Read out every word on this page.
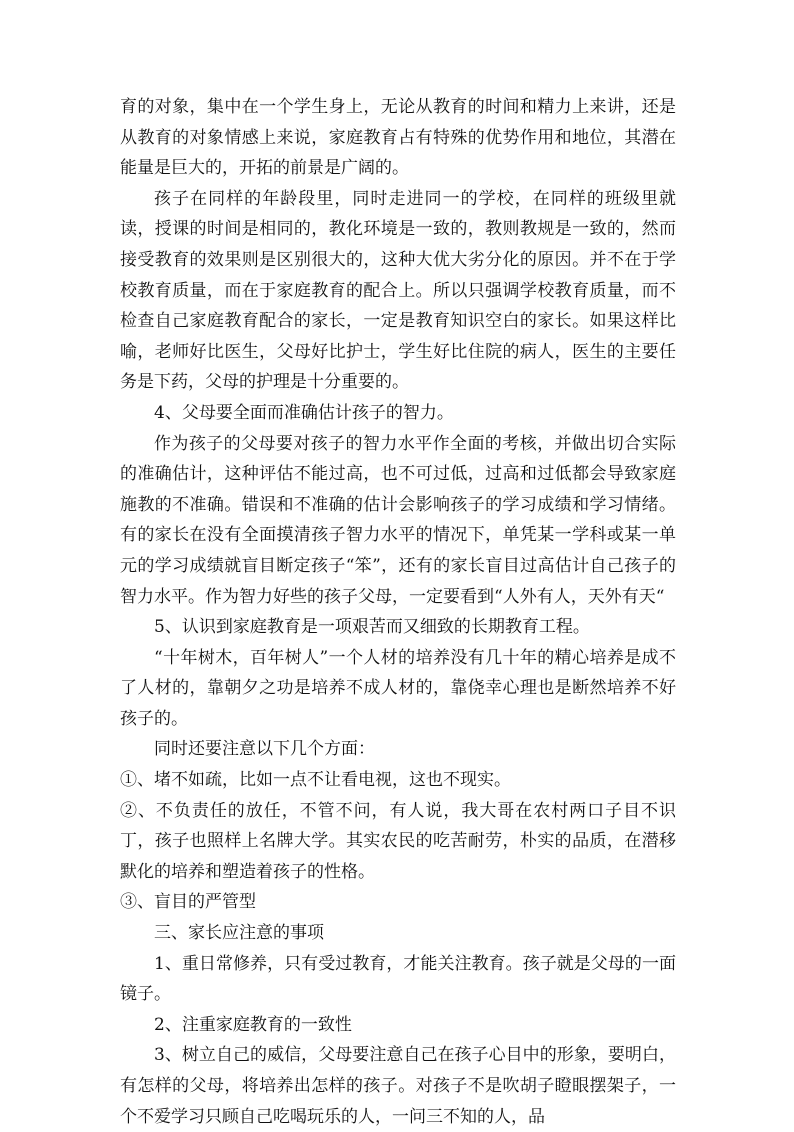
育的对象，集中在一个学生身上，无论从教育的时间和精力上来讲，还是从教育的对象情感上来说，家庭教育占有特殊的优势作用和地位，其潜在能量是巨大的，开拓的前景是广阔的。

孩子在同样的年龄段里，同时走进同一的学校，在同样的班级里就读，授课的时间是相同的，教化环境是一致的，教则教规是一致的，然而接受教育的效果则是区别很大的，这种大优大劣分化的原因。并不在于学校教育质量，而在于家庭教育的配合上。所以只强调学校教育质量，而不检查自己家庭教育配合的家长，一定是教育知识空白的家长。如果这样比喻，老师好比医生，父母好比护士，学生好比住院的病人，医生的主要任务是下药，父母的护理是十分重要的。

4、父母要全面而准确估计孩子的智力。

作为孩子的父母要对孩子的智力水平作全面的考核，并做出切合实际的准确估计，这种评估不能过高，也不可过低，过高和过低都会导致家庭施教的不准确。错误和不准确的估计会影响孩子的学习成绩和学习情绪。有的家长在没有全面摸清孩子智力水平的情况下，单凭某一学科或某一单元的学习成绩就盲目断定孩子“笨”，还有的家长盲目过高估计自己孩子的智力水平。作为智力好些的孩子父母，一定要看到“人外有人，天外有天“

5、认识到家庭教育是一项艰苦而又细致的长期教育工程。

“十年树木，百年树人”一个人材的培养没有几十年的精心培养是成不了人材的，靠朝夕之功是培养不成人材的，靠侥幸心理也是断然培养不好孩子的。

同时还要注意以下几个方面：

①、堵不如疏，比如一点不让看电视，这也不现实。

②、不负责任的放任，不管不问，有人说，我大哥在农村两口子目不识丁，孩子也照样上名牌大学。其实农民的吃苦耐劳，朴实的品质，在潜移默化的培养和塑造着孩子的性格。

③、盲目的严管型

三、家长应注意的事项

1、重日常修养，只有受过教育，才能关注教育。孩子就是父母的一面镜子。

2、注重家庭教育的一致性

3、树立自己的威信，父母要注意自己在孩子心目中的形象，要明白，有怎样的父母，将培养出怎样的孩子。对孩子不是吹胡子瞪眼摆架子，一个不爱学习只顾自己吃喝玩乐的人，一问三不知的人，品
